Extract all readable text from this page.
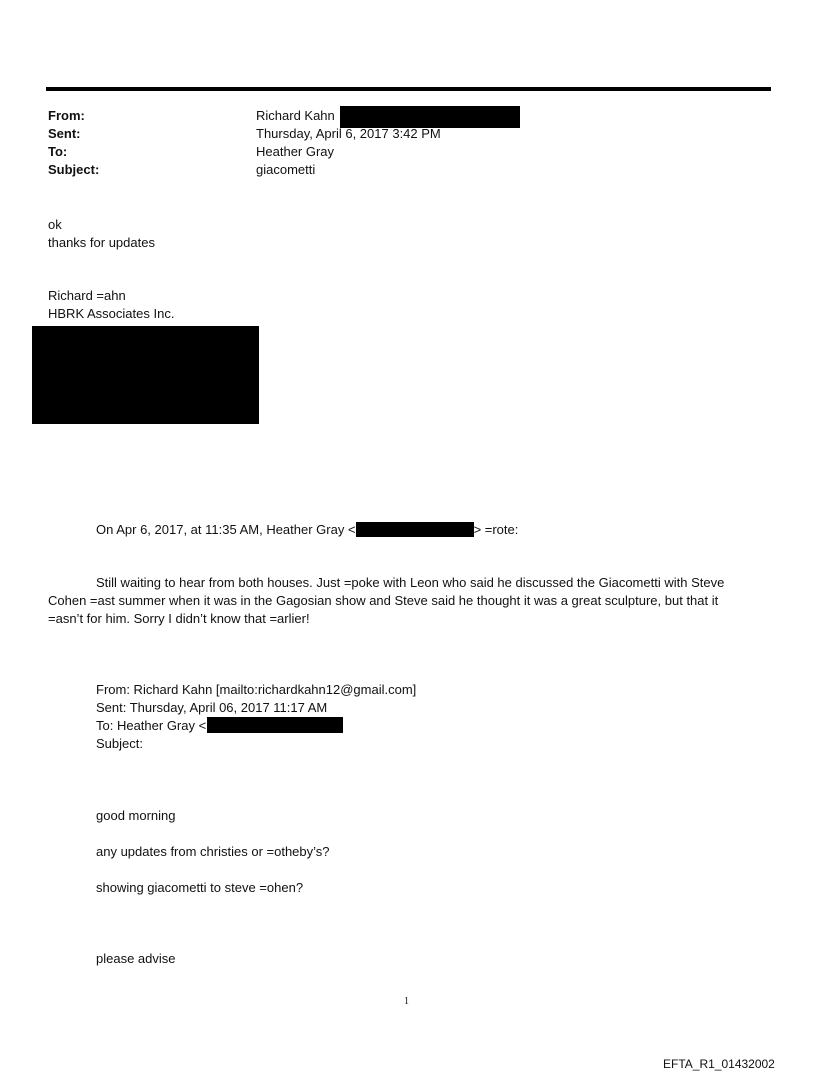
From:	Richard Kahn
Sent:	Thursday, April 6, 2017 3:42 PM
To:	Heather Gray
Subject:	giacometti
ok
thanks for updates
Richard =ahn
HBRK Associates Inc.
On Apr 6, 2017, at 11:35 AM, Heather Gray <	> =rote:
Still waiting to hear from both houses. Just =poke with Leon who said he discussed the Giacometti with Steve
Cohen =ast summer when it was in the Gagosian show and Steve said he thought it was a great sculpture, but that it
=asn’t for him. Sorry I didn’t know that =arlier!
From: Richard Kahn [mailto:richardkahn12@gmail.com]
Sent: Thursday, April 06, 2017 11:17 AM
To: Heather Gray <
Subject:
good morning
any updates from christies or =otheby’s?
showing giacometti to steve =ohen?
please advise
1
EFTA_R1_01432002
